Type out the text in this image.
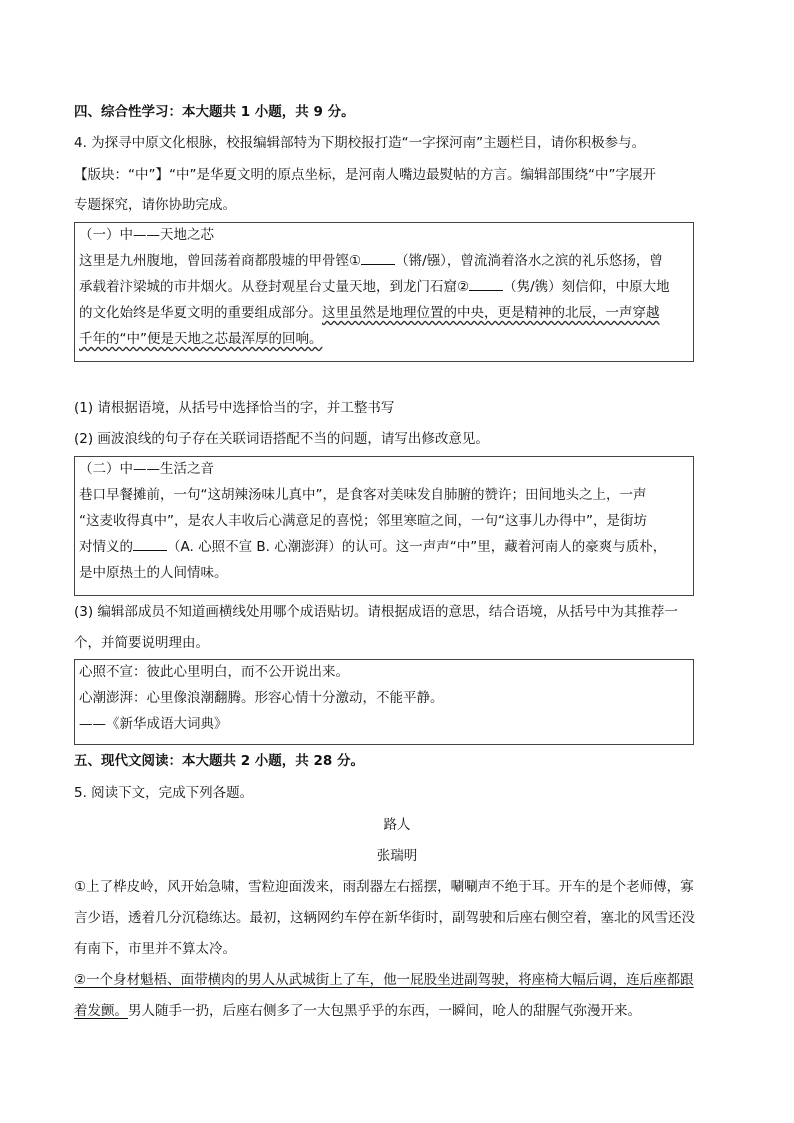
四、综合性学习：本大题共 1 小题，共 9 分。
4. 为探寻中原文化根脉，校报编辑部特为下期校报打造“一字探河南”主题栏目，请你积极参与。
【版块：“中”】“中”是华夏文明的原点坐标，是河南人嘴边最熨帖的方言。编辑部围绕“中”字展开
专题探究，请你协助完成。
（一）中——天地之芯
这里是九州腹地，曾回荡着商都殷墟的甲骨铿①	（锵/镪），曾流淌着洛水之滨的礼乐悠扬，曾
承载着汴梁城的市井烟火。从登封观星台丈量天地，到龙门石窟②	（隽/镌）刻信仰，中原大地
的文化始终是华夏文明的重要组成部分。这里虽然是地理位置的中央，更是精神的北辰，一声穿越
千年的“中”便是天地之芯最浑厚的回响。
(1) 请根据语境，从括号中选择恰当的字，并工整书写
(2) 画波浪线的句子存在关联词语搭配不当的问题，请写出修改意见。
（二）中——生活之音
巷口早餐摊前，一句“这胡辣汤味儿真中”，是食客对美味发自肺腑的赞许；田间地头之上，一声
“这麦收得真中”，是农人丰收后心满意足的喜悦；邻里寒暄之间，一句“这事儿办得中”，是街坊
对情义的	（A. 心照不宣 B. 心潮澎湃）的认可。这一声声“中”里，藏着河南人的豪爽与质朴，
是中原热土的人间情味。
(3) 编辑部成员不知道画横线处用哪个成语贴切。请根据成语的意思，结合语境，从括号中为其推荐一
个，并简要说明理由。
心照不宣：彼此心里明白，而不公开说出来。
心潮澎湃：心里像浪潮翻腾。形容心情十分激动，不能平静。
——《新华成语大词典》
五、现代文阅读：本大题共 2 小题，共 28 分。
5. 阅读下文，完成下列各题。
路人
张瑞明
①上了桦皮岭，风开始急啸，雪粒迎面泼来，雨刮器左右摇摆，唰唰声不绝于耳。开车的是个老师傅，寡
言少语，透着几分沉稳练达。最初，这辆网约车停在新华街时，副驾驶和后座右侧空着，塞北的风雪还没
有南下，市里并不算太冷。
②一个身材魁梧、面带横肉的男人从武城街上了车，他一屁股坐进副驾驶，将座椅大幅后调，连后座都跟
着发颤。男人随手一扔，后座右侧多了一大包黑乎乎的东西，一瞬间，呛人的甜腥气弥漫开来。
